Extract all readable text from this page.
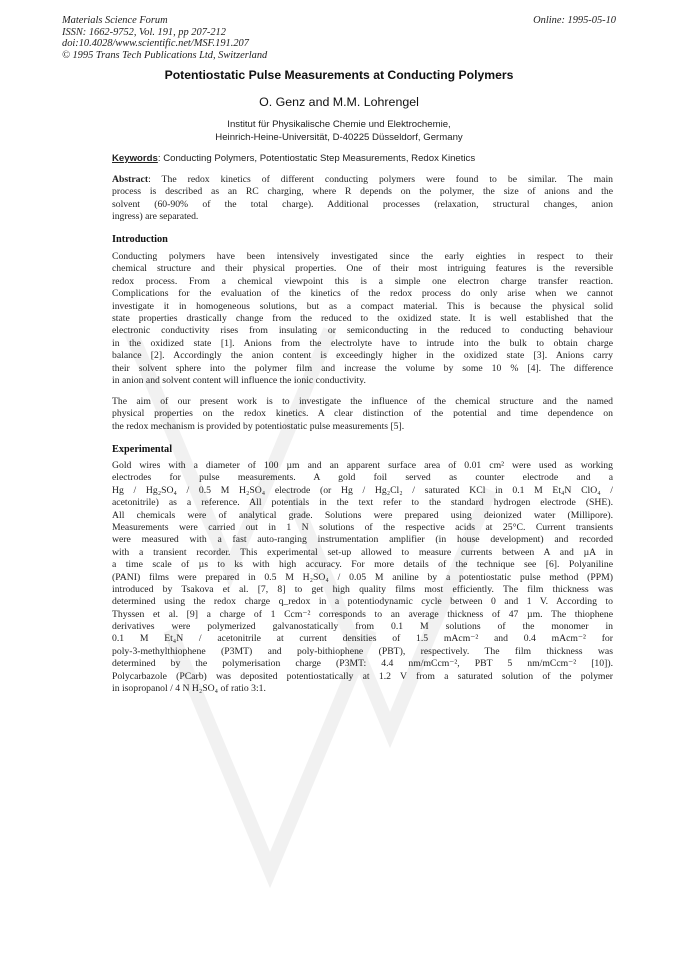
Materials Science Forum
ISSN: 1662-9752, Vol. 191, pp 207-212
doi:10.4028/www.scientific.net/MSF.191.207
© 1995 Trans Tech Publications Ltd, Switzerland
Online: 1995-05-10
Potentiostatic Pulse Measurements at Conducting Polymers
O. Genz and M.M. Lohrengel
Institut für Physikalische Chemie und Elektrochemie,
Heinrich-Heine-Universität, D-40225 Düsseldorf, Germany
Keywords: Conducting Polymers, Potentiostatic Step Measurements, Redox Kinetics
Abstract: The redox kinetics of different conducting polymers were found to be similar. The main
process is described as an RC charging, where R depends on the polymer, the size of anions and the
solvent (60-90% of the total charge). Additional processes (relaxation, structural changes, anion
ingress) are separated.
Introduction
Conducting polymers have been intensively investigated since the early eighties in respect to their
chemical structure and their physical properties. One of their most intriguing features is the reversible
redox process. From a chemical viewpoint this is a simple one electron charge transfer reaction.
Complications for the evaluation of the kinetics of the redox process do only arise when we cannot
investigate it in homogeneous solutions, but as a compact material. This is because the physical solid
state properties drastically change from the reduced to the oxidized state. It is well established that the
electronic conductivity rises from insulating or semiconducting in the reduced to conducting behaviour
in the oxidized state [1]. Anions from the electrolyte have to intrude into the bulk to obtain charge
balance [2]. Accordingly the anion content is exceedingly higher in the oxidized state [3]. Anions carry
their solvent sphere into the polymer film and increase the volume by some 10 % [4]. The difference
in anion and solvent content will influence the ionic conductivity.
The aim of our present work is to investigate the influence of the chemical structure and the named
physical properties on the redox kinetics. A clear distinction of the potential and time dependence on
the redox mechanism is provided by potentiostatic pulse measurements [5].
Experimental
Gold wires with a diameter of 100 µm and an apparent surface area of 0.01 cm² were used as working
electrodes for pulse measurements. A gold foil served as counter electrode and a
Hg / Hg₂SO₄ / 0.5 M H₂SO₄ electrode (or Hg / Hg₂Cl₂ / saturated KCl in 0.1 M Et₄N ClO₄ /
acetonitrile) as a reference. All potentials in the text refer to the standard hydrogen electrode (SHE).
All chemicals were of analytical grade. Solutions were prepared using deionized water (Millipore).
Measurements were carried out in 1 N solutions of the respective acids at 25°C. Current transients
were measured with a fast auto-ranging instrumentation amplifier (in house development) and recorded
with a transient recorder. This experimental set-up allowed to measure currents between A and µA in
a time scale of µs to ks with high accuracy. For more details of the technique see [6]. Polyaniline
(PANI) films were prepared in 0.5 M H₂SO₄ / 0.05 M aniline by a potentiostatic pulse method (PPM)
introduced by Tsakova et al. [7, 8] to get high quality films most efficiently. The film thickness was
determined using the redox charge q_redox in a potentiodynamic cycle between 0 and 1 V. According to
Thyssen et al. [9] a charge of 1 Ccm⁻² corresponds to an average thickness of 47 µm. The thiophene
derivatives were polymerized galvanostatically from 0.1 M solutions of the monomer in
0.1 M Et₄N / acetonitrile at current densities of 1.5 mAcm⁻² and 0.4 mAcm⁻² for
poly-3-methylthiophene (P3MT) and poly-bithiophene (PBT), respectively. The film thickness was
determined by the polymerisation charge (P3MT: 4.4 nm/mCcm⁻², PBT 5 nm/mCcm⁻² [10]).
Polycarbazole (PCarb) was deposited potentiostatically at 1.2 V from a saturated solution of the polymer
in isopropanol / 4 N H₂SO₄ of ratio 3:1.
